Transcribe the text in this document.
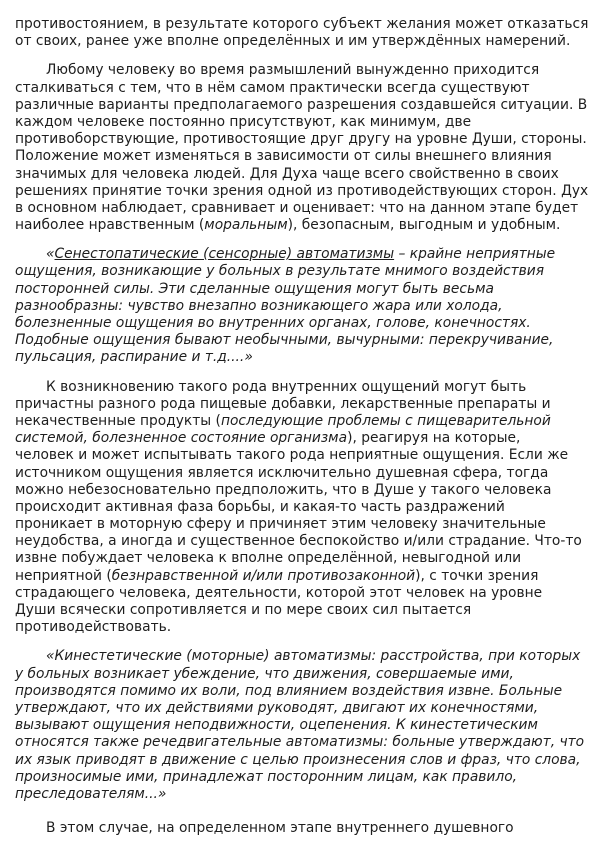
противостоянием, в результате которого субъект желания может отказаться
от своих, ранее уже вполне определённых и им утверждённых намерений.
Любому человеку во время размышлений вынужденно приходится
сталкиваться с тем, что в нём самом практически всегда существуют
различные варианты предполагаемого разрешения создавшейся ситуации. В
каждом человеке постоянно присутствуют, как минимум, две
противоборствующие, противостоящие друг другу на уровне Души, стороны.
Положение может изменяться в зависимости от силы внешнего влияния
значимых для человека людей. Для Духа чаще всего свойственно в своих
решениях принятие точки зрения одной из противодействующих сторон. Дух
в основном наблюдает, сравнивает и оценивает: что на данном этапе будет
наиболее нравственным (моральным), безопасным, выгодным и удобным.
«Сенестопатические (сенсорные) автоматизмы – крайне неприятные
ощущения, возникающие у больных в результате мнимого воздействия
посторонней силы. Эти сделанные ощущения могут быть весьма
разнообразны: чувство внезапно возникающего жара или холода,
болезненные ощущения во внутренних органах, голове, конечностях.
Подобные ощущения бывают необычными, вычурными: перекручивание,
пульсация, распирание и т.д....»
К возникновению такого рода внутренних ощущений могут быть
причастны разного рода пищевые добавки, лекарственные препараты и
некачественные продукты (последующие проблемы с пищеварительной
системой, болезненное состояние организма), реагируя на которые,
человек и может испытывать такого рода неприятные ощущения. Если же
источником ощущения является исключительно душевная сфера, тогда
можно небезосновательно предположить, что в Душе у такого человека
происходит активная фаза борьбы, и какая-то часть раздражений
проникает в моторную сферу и причиняет этим человеку значительные
неудобства, а иногда и существенное беспокойство и/или страдание. Что-то
извне побуждает человека к вполне определённой, невыгодной или
неприятной (безнравственной и/или противозаконной), с точки зрения
страдающего человека, деятельности, которой этот человек на уровне
Души всячески сопротивляется и по мере своих сил пытается
противодействовать.
«Кинестетические (моторные) автоматизмы: расстройства, при которых
у больных возникает убеждение, что движения, совершаемые ими,
производятся помимо их воли, под влиянием воздействия извне. Больные
утверждают, что их действиями руководят, двигают их конечностями,
вызывают ощущения неподвижности, оцепенения. К кинестетическим
относятся также речедвигательные автоматизмы: больные утверждают, что
их язык приводят в движение с целью произнесения слов и фраз, что слова,
произносимые ими, принадлежат посторонним лицам, как правило,
преследователям...»
В этом случае, на определенном этапе внутреннего душевного
